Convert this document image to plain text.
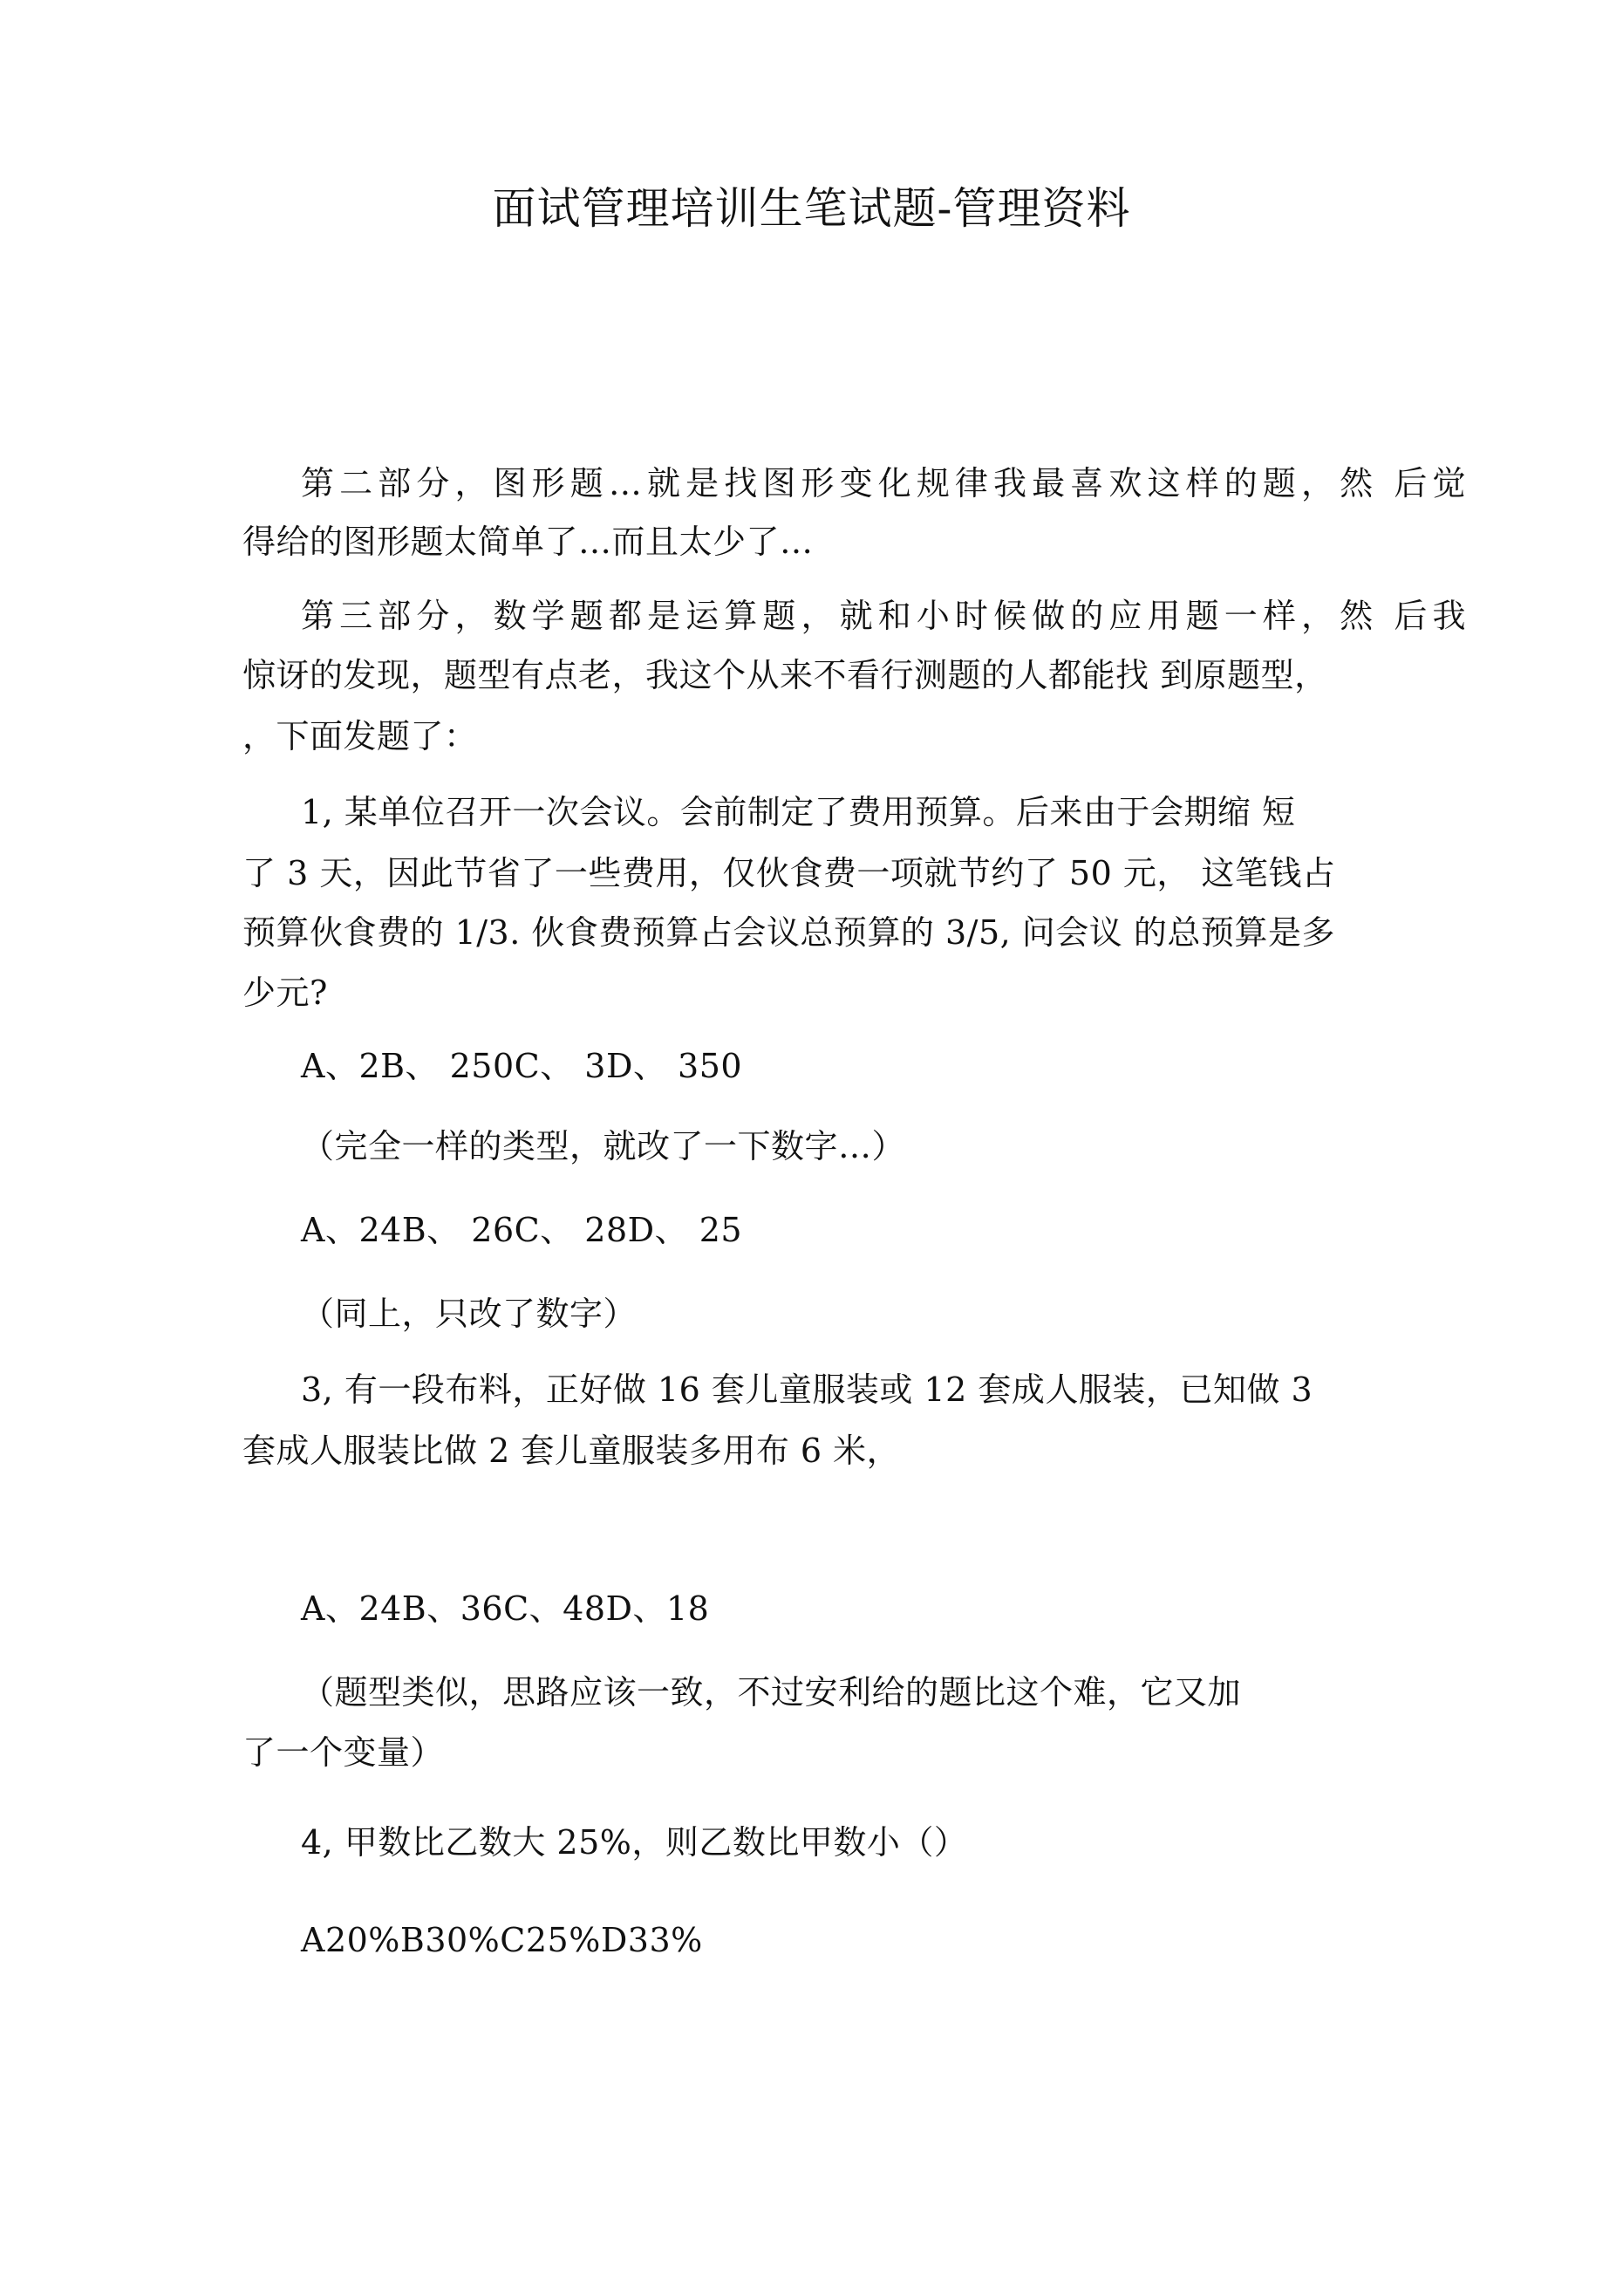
面试管理培训生笔试题-管理资料
第二部分，图形题…就是找图形变化规律我最喜欢这样的题，然 后觉
得给的图形题太简单了…而且太少了…
第三部分，数学题都是运算题，就和小时候做的应用题一样，然 后我
惊讶的发现，题型有点老，我这个从来不看行测题的人都能找 到原题型，
，下面发题了：
1, 某单位召开一次会议。会前制定了费用预算。后来由于会期缩 短
了 3 天，因此节省了一些费用，仅伙食费一项就节约了 50 元， 这笔钱占
预算伙食费的 1/3. 伙食费预算占会议总预算的 3/5, 问会议 的总预算是多
少元?
A、2B、 250C、 3D、 350
（完全一样的类型，就改了一下数字…）
A、24B、 26C、 28D、 25
（同上，只改了数字）
3, 有一段布料，正好做 16 套儿童服装或 12 套成人服装，已知做 3
套成人服装比做 2 套儿童服装多用布 6 米，
A、24B、36C、48D、18
（题型类似，思路应该一致，不过安利给的题比这个难，它又加
了一个变量）
4, 甲数比乙数大 25%，则乙数比甲数小（）
A20%B30%C25%D33%
